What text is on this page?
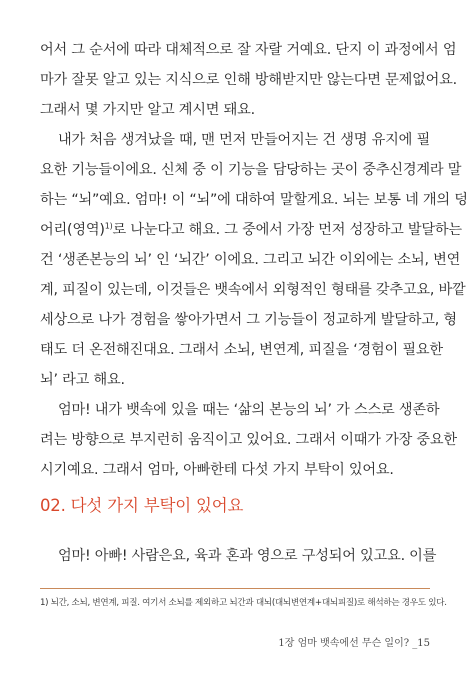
어서 그 순서에 따라 대체적으로 잘 자랄 거예요. 단지 이 과정에서 엄
마가 잘못 알고 있는 지식으로 인해 방해받지만 않는다면 문제없어요.
그래서 몇 가지만 알고 계시면 돼요.
내가 처음 생겨났을 때, 맨 먼저 만들어지는 건 생명 유지에 필
요한 기능들이에요. 신체 중 이 기능을 담당하는 곳이 중추신경계라 말
하는 “뇌”예요. 엄마! 이 “뇌”에 대하여 말할게요. 뇌는 보통 네 개의 덩
어리(영역)$^{1)}$로 나눈다고 해요. 그 중에서 가장 먼저 성장하고 발달하는
건 ‘생존본능의 뇌’ 인 ‘뇌간’ 이에요. 그리고 뇌간 이외에는 소뇌, 변연
계, 피질이 있는데, 이것들은 뱃속에서 외형적인 형태를 갖추고요, 바깥
세상으로 나가 경험을 쌓아가면서 그 기능들이 정교하게 발달하고, 형
태도 더 온전해진대요. 그래서 소뇌, 변연계, 피질을 ‘경험이 필요한
뇌’ 라고 해요.
엄마! 내가 뱃속에 있을 때는 ‘삶의 본능의 뇌’ 가 스스로 생존하
려는 방향으로 부지런히 움직이고 있어요. 그래서 이때가 가장 중요한
시기예요. 그래서 엄마, 아빠한테 다섯 가지 부탁이 있어요.
02. 다섯 가지 부탁이 있어요
엄마! 아빠! 사람은요, 육과 혼과 영으로 구성되어 있고요. 이를
1) 뇌간, 소뇌, 변연계, 피질. 여기서 소뇌를 제외하고 뇌간과 대뇌(대뇌변연계+대뇌피질)로 해석하는 경우도 있다.
1장 엄마 뱃속에선 무슨 일이? _15
